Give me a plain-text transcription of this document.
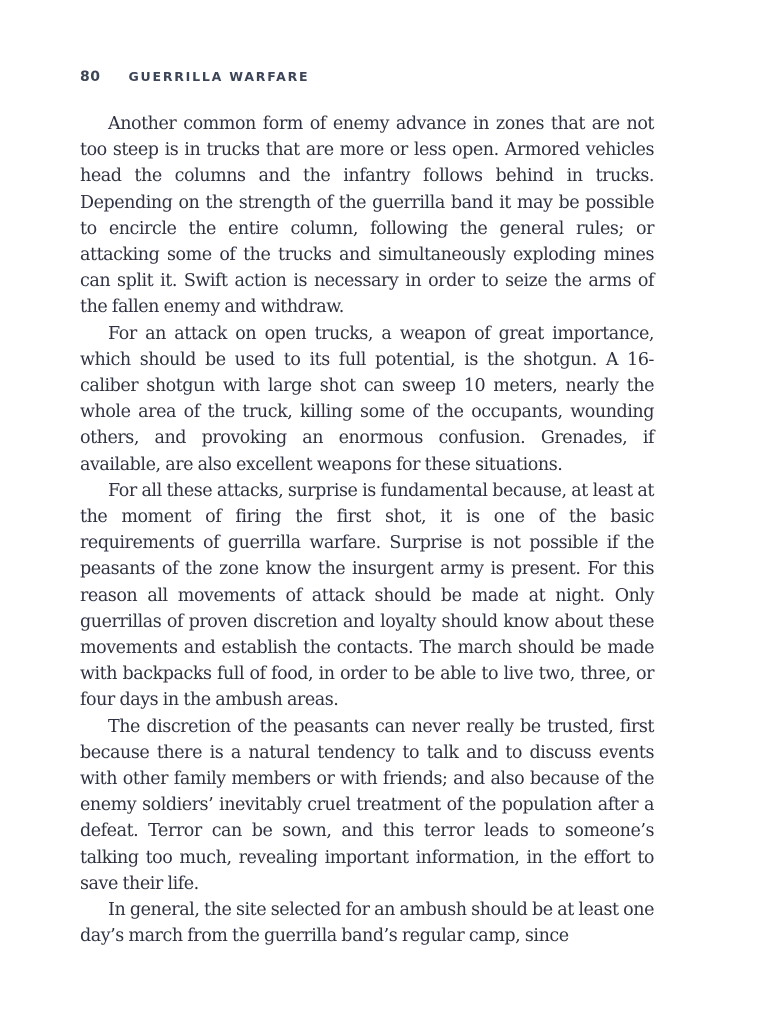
80 GUERRILLA WARFARE

Another common form of enemy advance in zones that are not too steep is in trucks that are more or less open. Armored vehicles head the columns and the infantry follows behind in trucks. Depending on the strength of the guerrilla band it may be possible to encircle the entire column, following the general rules; or attacking some of the trucks and simultaneously exploding mines can split it. Swift action is necessary in order to seize the arms of the fallen enemy and withdraw.

For an attack on open trucks, a weapon of great importance, which should be used to its full potential, is the shotgun. A 16-caliber shotgun with large shot can sweep 10 meters, nearly the whole area of the truck, killing some of the occupants, wounding others, and provoking an enormous confusion. Grenades, if available, are also excellent weapons for these situations.

For all these attacks, surprise is fundamental because, at least at the moment of firing the first shot, it is one of the basic requirements of guerrilla warfare. Surprise is not possible if the peasants of the zone know the insurgent army is present. For this reason all movements of attack should be made at night. Only guerrillas of proven discretion and loyalty should know about these movements and establish the contacts. The march should be made with backpacks full of food, in order to be able to live two, three, or four days in the ambush areas.

The discretion of the peasants can never really be trusted, first because there is a natural tendency to talk and to discuss events with other family members or with friends; and also because of the enemy soldiers’ inevitably cruel treatment of the population after a defeat. Terror can be sown, and this terror leads to someone’s talking too much, revealing important information, in the effort to save their life.

In general, the site selected for an ambush should be at least one day’s march from the guerrilla band’s regular camp, since
